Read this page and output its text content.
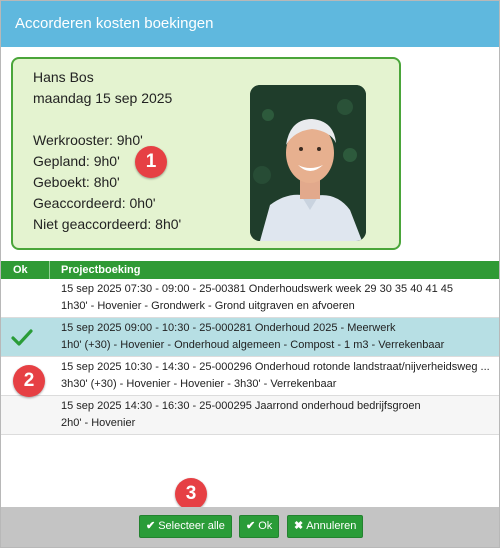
Accorderen kosten boekingen
Hans Bos
maandag 15 sep 2025
Werkrooster: 9h0'
Gepland: 9h0'
Geboekt: 8h0'
Geaccordeerd: 0h0'
Niet geaccordeerd: 8h0'
1
Ok	Projectboeking
15 sep 2025 07:30 - 09:00 - 25-00381 Onderhoudswerk week 29 30 35 40 41 45
1h30' - Hovenier - Grondwerk - Grond uitgraven en afvoeren
15 sep 2025 09:00 - 10:30 - 25-000281 Onderhoud 2025 - Meerwerk
1h0' (+30) - Hovenier - Onderhoud algemeen - Compost - 1 m3 - Verrekenbaar
15 sep 2025 10:30 - 14:30 - 25-000296 Onderhoud rotonde landstraat/nijverheidsweg ...
3h30' (+30) - Hovenier - Hovenier - 3h30' - Verrekenbaar
15 sep 2025 14:30 - 16:30 - 25-000295 Jaarrond onderhoud bedrijfsgroen
2h0' - Hovenier
2
3
✔ Selecteer alle	✔ Ok	✖ Annuleren
